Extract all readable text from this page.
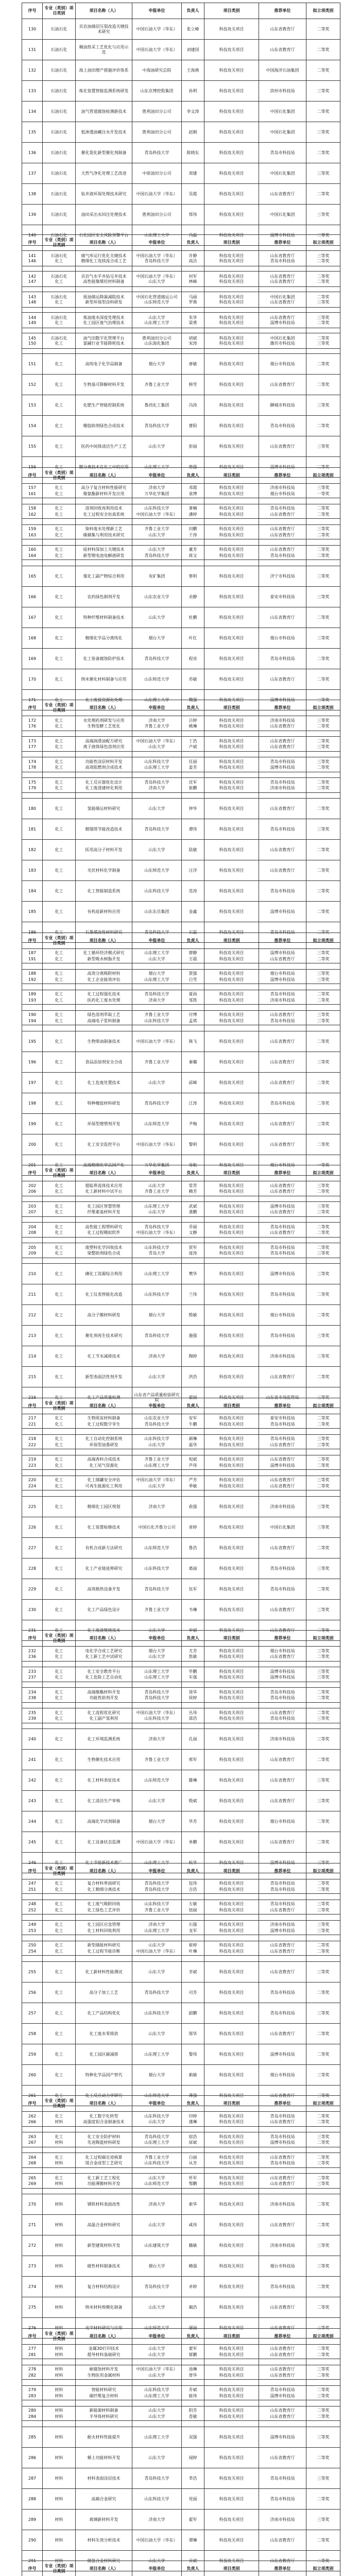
序号	专业（类别）项目类别	项目名称（人）	申报单位	负责人	项目类别	推荐单位	拟立项类别
130	石油石化	页岩油储层压裂改造关键技术研究	中国石油大学（华东）	张立峰	科技攻关项目	山东省教育厅	二等奖
131	石油石化	稠油热采工艺优化与应用示范	中国石油大学（华东）	刘建国	科技攻关项目	山东省教育厅	二等奖
132	石油石化	海上油田增产措施评价体系	中海油研究总院	王海燕	科技攻关项目	中国海洋石油集团	二等奖
133	石油石化	炼化装置智能监测系统研发	山东京博控股集团	孙明	科技攻关项目	滨州市科技局	三等奖
134	石油石化	油气管道腐蚀检测新技术	胜利油田分公司	李文涛	科技攻关项目	中国石化集团	二等奖
135	石油石化	低渗透油藏注水开发技术	胜利油田分公司	赵刚	科技攻关项目	中国石化集团	三等奖
136	石油石化	催化裂化新型催化剂制备	青岛科技大学	陈晓东	科技攻关项目	青岛市科技局	二等奖
137	石油石化	天然气净化处理工艺改进	中原油田分公司	周建	科技攻关项目	中国石化集团	三等奖
138	石油石化	钻井液环保处理技术研究	中国石油大学（华东）	吴霞	科技攻关项目	山东省教育厅	二等奖
139	石油石化	油田采出水回注处理技术	胜利油田分公司	郑伟	科技攻关项目	中国石化集团	三等奖
140	石油石化	石化园区安全风险预警平台	山东理工大学	冯磊	科技攻关项目	淄博市科技局	二等奖
141	石油石化	储气库运行优化关键技术	中国石油大学（华东）	许静	科技攻关项目	山东省教育厅	三等奖
142	石油石化	页岩气水平井钻完井技术	中国石油大学（华东）	何军	科技攻关项目	山东省教育厅	二等奖
143	石油石化	原油储运降凝减阻技术	中国石化管道储运公司	马丽	科技攻关项目	中国石化集团	二等奖
144	石油石化	炼油废水深度处理技术	山东大学	朱华	科技攻关项目	山东省教育厅	三等奖
145	石油石化	油气田数字化管理平台	胜利油田分公司	胡斌	科技攻关项目	中国石化集团	二等奖
序号	专业（类别）项目类别	项目名称（人）	申报单位	负责人	项目类别	推荐单位	拟立项类别
146	化工	精细化工连续流合成工艺	青岛科技大学	高洁	科技攻关项目	青岛市科技局	二等奖
147	化工	高性能聚烯烃材料制备	山东大学	林峰	科技攻关项目	山东省教育厅	二等奖
148	化工	新型环保型涂料研发	山东师范大学	罗燕	科技攻关项目	山东省教育厅	三等奖
149	化工	化工园区废气治理技术	山东理工大学	梁勇	科技攻关项目	淄博市科技局	二等奖
150	化工	氯碱行业节能降耗技术	山东海化集团	宋涛	科技攻关项目	潍坊市科技局	三等奖
151	化工	高纯电子化学品制备	烟台大学	唐敏	科技攻关项目	烟台市科技局	二等奖
152	化工	生物基可降解材料开发	齐鲁工业大学	韩雪	科技攻关项目	山东省教育厅	二等奖
153	化工	化肥生产智能控制系统	鲁西化工集团	冯涛	科技攻关项目	聊城市科技局	三等奖
154	化工	橡胶助剂绿色合成技术	青岛科技大学	曹阳	科技攻关项目	青岛市科技局	二等奖
155	化工	医药中间体清洁生产工艺	山东大学	彭丽	科技攻关项目	山东省教育厅	三等奖
156	化工	膜分离技术在化工中的应用	山东理工大学	曾强	科技攻关项目	淄博市科技局	二等奖
157	化工	高分子复合材料性能研究	济南大学	邓霞	科技攻关项目	济南市科技局	三等奖
158	化工	溶剂回收再利用技术	山东科技大学	萧楠	科技攻关项目	青岛市科技局	二等奖
159	化工	染料废水处理新工艺	齐鲁工业大学	田鹏	科技攻关项目	山东省教育厅	三等奖
160	化工	硅材料深加工关键技术	山东大学	董芳	科技攻关项目	山东省教育厅	二等奖
序号	专业（类别）项目类别	项目名称（人）	申报单位	负责人	项目类别	推荐单位	拟立项类别
161	化工	聚氨酯新材料开发应用	万华化学集团	袁博	科技攻关项目	烟台市科技局	一等奖
162	化工	化工过程安全仿真系统	中国石油大学（华东）	潘婷	科技攻关项目	山东省教育厅	二等奖
163	化工	碳捕集与利用技术研究	山东大学	于涛	科技攻关项目	山东省教育厅	二等奖
164	化工	新型锂电池电解液研发	青岛科技大学	蒋文	科技攻关项目	青岛市科技局	二等奖
165	化工	煤化工副产物综合利用	兖矿集团	蔡明	科技攻关项目	济宁市科技局	三等奖
166	化工	农药绿色制剂开发	山东农业大学	余静	科技攻关项目	泰安市科技局	三等奖
167	化工	特种纤维材料制备技术	山东大学	杜鹏	科技攻关项目	山东省教育厅	二等奖
168	化工	精细化学品分离纯化	烟台大学	叶红	科技攻关项目	烟台市科技局	三等奖
169	化工	化工装备腐蚀防护技术	青岛科技大学	程亮	科技攻关项目	青岛市科技局	二等奖
170	化工	纳米催化材料制备与应用	山东师范大学	苏敏	科技攻关项目	山东省教育厅	二等奖
171	化工	化工废盐资源化处理	山东理工大学	魏强	科技攻关项目	淄博市科技局	三等奖
172	化工	水处理药剂研发与应用	济南大学	吕婷	科技攻关项目	济南市科技局	三等奖
173	化工	高端润滑油配方研究	中国石油大学（华东）	丁浩	科技攻关项目	山东省教育厅	二等奖
174	化工	功能性涂层材料开发	山东科技大学	任丽	科技攻关项目	青岛市科技局	三等奖
175	化工	化工反应器优化设计	青岛科技大学	沈军	科技攻关项目	青岛市科技局	二等奖
序号	专业（类别）项目类别	项目名称（人）	申报单位	负责人	项目类别	推荐单位	拟立项类别
176	化工	生物发酵工艺优化	齐鲁工业大学	姚琳	科技攻关项目	山东省教育厅	二等奖
177	化工	离子液体绿色溶剂应用	山东大学	卢斌	科技攻关项目	山东省教育厅	三等奖
178	化工	高效阻燃剂合成技术	山东理工大学	姜芳	科技攻关项目	淄博市科技局	二等奖
179	化工	化工废渣建材化利用	济南大学	崔鹏	科技攻关项目	济南市科技局	三等奖
180	化工	氢能储运材料研究	山东大学	钟华	科技攻关项目	山东省教育厅	二等奖
181	化工	精馏塔节能改造技术	青岛科技大学	谭伟	科技攻关项目	青岛市科技局	三等奖
182	化工	医用高分子材料开发	山东大学	陆敏	科技攻关项目	山东省教育厅	二等奖
183	化工	光伏材料化学制备	山东师范大学	汪洋	科技攻关项目	山东省教育厅	二等奖
184	化工	化工智能制造系统	山东科技大学	范涛	科技攻关项目	青岛市科技局	三等奖
185	化工	有机硅新材料应用	山东东岳集团	金鑫	科技攻关项目	淄博市科技局	二等奖
186	化工	石墨烯改性材料研究	青岛科技大学	石磊	科技攻关项目	青岛市科技局	二等奖
187	化工	化工循环经济模式研究	山东理工大学	廖静	科技攻关项目	淄博市科技局	三等奖
188	化工	高效分离吸附材料	烟台大学	贾强	科技攻关项目	烟台市科技局	三等奖
189	化工	化工过程强化技术	青岛科技大学	夏雨	科技攻关项目	青岛市科技局	二等奖
190	化工	绿色溶剂萃取工艺	齐鲁工业大学	付博	科技攻关项目	山东省教育厅	三等奖
序号	专业（类别）项目类别	项目名称（人）	申报单位	负责人	项目类别	推荐单位	拟立项类别
191	化工	新型吸水树脂开发	山东大学	方晨	科技攻关项目	山东省教育厅	二等奖
192	化工	化工企业能效评估	山东理工大学	白雪	科技攻关项目	淄博市科技局	三等奖
193	化工	医药化工废水处理	济南大学	邹凯	科技攻关项目	济南市科技局	二等奖
194	化工	高端电子浆料制备	山东科技大学	孟琪	科技攻关项目	青岛市科技局	三等奖
195	化工	生物柴油制备技术	中国石油大学（华东）	熊飞	科技攻关项目	山东省教育厅	二等奖
196	化工	食品添加剂安全合成	齐鲁工业大学	秦璐	科技攻关项目	山东省教育厅	三等奖
197	化工	化工危废处置技术	山东大学	邱峰	科技攻关项目	山东省教育厅	二等奖
198	化工	特种橡胶材料研发	青岛科技大学	江涛	科技攻关项目	青岛市科技局	二等奖
199	化工	环保型增塑剂开发	山东师范大学	尹梅	科技攻关项目	山东省教育厅	三等奖
200	化工	化工安全监控平台	中国石油大学（华东）	黎明	科技攻关项目	山东省教育厅	二等奖
201	化工	高端精细化学品国产化	万华化学集团	易航	科技攻关项目	烟台市科技局	一等奖
202	化工	超临界流体技术应用	山东大学	常青	科技攻关项目	山东省教育厅	三等奖
203	化工	化工园区智慧管理	山东理工大学	武斌	科技攻关项目	淄博市科技局	三等奖
204	化工	高性能工程塑料研究	青岛科技大学	乔丽	科技攻关项目	青岛市科技局	二等奖
205	化工	废塑料化学回收技术	山东科技大学	贺军	科技攻关项目	青岛市科技局	二等奖
序号	专业（类别）项目类别	项目名称（人）	申报单位	负责人	项目类别	推荐单位	拟立项类别
206	化工	化工新材料中试平台	齐鲁工业大学	赖芳	科技攻关项目	山东省教育厅	二等奖
207	化工	纤维素基材料开发	山东大学	龚鹏	科技攻关项目	山东省教育厅	三等奖
208	化工	化工过程模拟软件	中国石油大学（华东）	文静	科技攻关项目	山东省教育厅	二等奖
209	化工	染整助剂绿色合成	青岛大学	庞涛	科技攻关项目	青岛市科技局	三等奖
210	化工	磷化工资源综合利用	山东理工大学	樊华	科技攻关项目	淄博市科技局	三等奖
211	化工	化工仪表智能化改造	山东科技大学	兰伟	科技攻关项目	青岛市科技局	二等奖
212	化工	高分子膜材料研发	烟台大学	殷敏	科技攻关项目	烟台市科技局	二等奖
213	化工	催化剂再生技术研究	青岛科技大学	施强	科技攻关项目	青岛市科技局	三等奖
214	化工	化工节水减排技术	济南大学	陶婷	科技攻关项目	济南市科技局	三等奖
215	化工	新型表面活性剂开发	山东大学	洪浩	科技攻关项目	山东省教育厅	二等奖
216	化工	化工产品质量检测	山东省产品质量检验研究院	翟丽	科技攻关项目	山东省市场监管局	三等奖
217	化工	生物质炭材料制备	山东农业大学	安军	科技攻关项目	泰安市科技局	二等奖
218	化工	化工自动化控制系统	山东科技大学	颜琳	科技攻关项目	青岛市科技局	三等奖
219	化工	高端香料合成技术	齐鲁工业大学	倪斌	科技攻关项目	山东省教育厅	二等奖
220	化工	化工储罐安全评估	中国石油大学（华东）	严芳	科技攻关项目	山东省教育厅	三等奖
序号	专业（类别）项目类别	项目名称（人）	申报单位	负责人	项目类别	推荐单位	拟立项类别
221	化工	化工过程数字孪生	青岛科技大学	牛鹏	科技攻关项目	青岛市科技局	二等奖
222	化工	环保型油墨研发	山东大学	温华	科技攻关项目	山东省教育厅	三等奖
223	化工	化工尾气资源化	山东理工大学	芦伟	科技攻关项目	淄博市科技局	二等奖
224	化工	可再生能源化工利用	山东大学	季敏	科技攻关项目	山东省教育厅	二等奖
225	化工	精细化工园区规划	济南大学	俞强	科技攻关项目	济南市科技局	三等奖
226	化工	化工装置检修技术	中国石化齐鲁分公司	章婷	科技攻关项目	中国石化集团	三等奖
227	化工	有机合成新方法研究	山东师范大学	鲁浩	科技攻关项目	山东省教育厅	二等奖
228	化工	化工产业链延伸研究	山东科技大学	葛丽	科技攻关项目	青岛市科技局	三等奖
229	化工	高效换热设备开发	青岛科技大学	伍军	科技攻关项目	青岛市科技局	二等奖
230	化工	化工产品绿色设计	齐鲁工业大学	韦琳	科技攻关项目	山东省教育厅	三等奖
231	化工	化工废液焚烧技术	山东大学	申斌	科技攻关项目	山东省教育厅	二等奖
232	化工	电化学合成工艺研究	烟台大学	尤芳	科技攻关项目	烟台市科技局	三等奖
233	化工	化工安全教育平台	山东理工大学	毕鹏	科技攻关项目	淄博市科技局	三等奖
234	化工	高端聚酯材料开发	青岛科技大学	聂华	科技攻关项目	青岛市科技局	二等奖
235	化工	化工流程优化研究	中国石油大学（华东）	丛伟	科技攻关项目	山东省教育厅	二等奖
序号	专业（类别）项目类别	项目名称（人）	申报单位	负责人	项目类别	推荐单位	拟立项类别
236	化工	化工新工艺中试研究	山东大学	焦敏	科技攻关项目	山东省教育厅	二等奖
237	化工	化工危险工艺自动化	山东理工大学	车强	科技攻关项目	淄博市科技局	三等奖
238	化工	功能性助剂开发	青岛科技大学	侯婷	科技攻关项目	青岛市科技局	二等奖
239	化工	化工副产氢利用	山东科技大学	邵浩	科技攻关项目	青岛市科技局	三等奖
240	化工	化工环境监测系统	济南大学	孔丽	科技攻关项目	济南市科技局	三等奖
241	化工	生物催化技术应用	齐鲁工业大学	邢军	科技攻关项目	山东省教育厅	二等奖
242	化工	化工材料表征技术	山东师范大学	滕琳	科技攻关项目	山东省教育厅	三等奖
243	化工	化工清洁生产审核	山东大学	殷斌	科技攻关项目	山东省教育厅	三等奖
244	化工	高端化学试剂制备	烟台大学	华芳	科技攻关项目	烟台市科技局	二等奖
245	化工	化工设备状态监测	中国石油大学（华东）	单鹏	科技攻关项目	山东省教育厅	二等奖
246	化工	化工节能新技术推广	山东理工大学	杭华	科技攻关项目	淄博市科技局	三等奖
247	化工	复合材料界面研究	青岛科技大学	包伟	科技攻关项目	青岛市科技局	二等奖
248	化工	化工废气吸附回收	山东科技大学	左敏	科技攻关项目	青岛市科技局	三等奖
249	化工	化工园区应急管理	济南大学	石强	科技攻关项目	济南市科技局	三等奖
250	化工	新型储能材料研究	山东大学	崔婷	科技攻关项目	山东省教育厅	二等奖
序号	专业（类别）项目类别	项目名称（人）	申报单位	负责人	项目类别	推荐单位	拟立项类别
251	化工	化工精细分离技术	青岛科技大学	吉浩	科技攻关项目	青岛市科技局	二等奖
252	化工	化工绿色工艺评价	齐鲁工业大学	钮丽	科技攻关项目	山东省教育厅	三等奖
253	化工	化工材料回收利用	山东理工大学	龙军	科技攻关项目	淄博市科技局	三等奖
254	化工	化工过程节能诊断	中国石油大学（华东）	叶琳	科技攻关项目	山东省教育厅	二等奖
255	化工	化工新材料性能测试	山东大学	幸斌	科技攻关项目	山东省教育厅	三等奖
256	化工	高分子加工工艺	青岛科技大学	司芳	科技攻关项目	青岛市科技局	二等奖
257	化工	化工产品结构优化	山东科技大学	韶鹏	科技攻关项目	青岛市科技局	三等奖
258	化工	化工废水零排放	山东大学	郜华	科技攻关项目	山东省教育厅	二等奖
259	化工	化工园区碳减排	山东理工大学	黎伟	科技攻关项目	淄博市科技局	二等奖
260	化工	特种化学品国产替代	烟台大学	蓟敏	科技攻关项目	烟台市科技局	三等奖
261	化工	化工反应动力学研究	山东师范大学	薄强	科技攻关项目	山东省教育厅	三等奖
262	化工	化工数字化转型	山东科技大学	印婷	科技攻关项目	青岛市科技局	二等奖
263	化工	化工安全防护材料	青岛科技大学	宿浩	科技攻关项目	青岛市科技局	三等奖
264	化工	化工过程碳足迹核算	齐鲁工业大学	白丽	科技攻关项目	山东省教育厅	二等奖
265	化工	化工新工艺工程化	山东大学	怀军	科技攻关项目	山东省教育厅	二等奖
序号	专业（类别）项目类别	项目名称（人）	申报单位	负责人	项目类别	推荐单位	拟立项类别
266	材料	高强度铝合金制备技术	山东大学	蒲琳	科技攻关项目	山东省教育厅	二等奖
267	材料	先进陶瓷材料研发	山东理工大学	邰斌	科技攻关项目	淄博市科技局	二等奖
268	材料	镁合金成型工艺研究	山东科技大学	从芳	科技攻关项目	青岛市科技局	三等奖
269	材料	功能薄膜材料开发	山东师范大学	鄂鹏	科技攻关项目	山东省教育厅	三等奖
270	材料	钢铁材料表面改性	济南大学	索华	科技攻关项目	济南市科技局	二等奖
271	材料	高温合金材料研究	山东大学	咸伟	科技攻关项目	山东省教育厅	二等奖
272	材料	新型建筑材料开发	山东建筑大学	籍敏	科技攻关项目	济南市科技局	三等奖
273	材料	磁性材料制备技术	烟台大学	赖强	科技攻关项目	烟台市科技局	三等奖
274	材料	复合材料结构设计	青岛科技大学	卓婷	科技攻关项目	青岛市科技局	二等奖
275	材料	纳米材料规模化制备	山东大学	蔺浩	科技攻关项目	山东省教育厅	二等奖
276	材料	光学材料研究与应用	山东师范大学	屠丽	科技攻关项目	山东省教育厅	三等奖
277	材料	金属3D打印技术	山东大学	蒙军	科技攻关项目	山东省教育厅	二等奖
278	材料	耐腐蚀材料开发	中国石油大学（华东）	池琳	科技攻关项目	山东省教育厅	三等奖
279	材料	智能材料研究	山东科技大学	乔斌	科技攻关项目	青岛市科技局	二等奖
280	材料	新能源材料制备	山东大学	阴芳	科技攻关项目	山东省教育厅	二等奖
序号	专业（类别）项目类别	项目名称（人）	申报单位	负责人	项目类别	推荐单位	拟立项类别
281	材料	超导材料基础研究	山东大学	郁鹏	科技攻关项目	山东省教育厅	二等奖
282	材料	生物医用金属材料	山东大学	胥华	科技攻关项目	山东省教育厅	二等奖
283	材料	碳纤维复合材料	山东理工大学	能伟	科技攻关项目	淄博市科技局	三等奖
284	材料	半导体材料研究	山东大学	苍敏	科技攻关项目	山东省教育厅	二等奖
285	材料	耐火材料性能提升	山东理工大学	双强	科技攻关项目	淄博市科技局	三等奖
286	材料	稀土功能材料开发	山东大学	闻婷	科技攻关项目	山东省教育厅	二等奖
287	材料	材料表面涂层技术	青岛科技大学	莘浩	科技攻关项目	青岛市科技局	三等奖
288	材料	高熵合金研究	山东科技大学	党丽	科技攻关项目	青岛市科技局	二等奖
289	材料	玻璃新材料开发	济南大学	翟军	科技攻关项目	济南市科技局	三等奖
290	材料	材料失效分析技术	中国石油大学（华东）	谭琳	科技攻关项目	山东省教育厅	二等奖
291	材料	储氢合金材料研究	山东大学	贡斌	科技攻关项目	山东省教育厅	二等奖

序号	专业（类别）项目类别	项目名称（人）	申报单位	负责人	项目类别	推荐单位	拟立项类别
